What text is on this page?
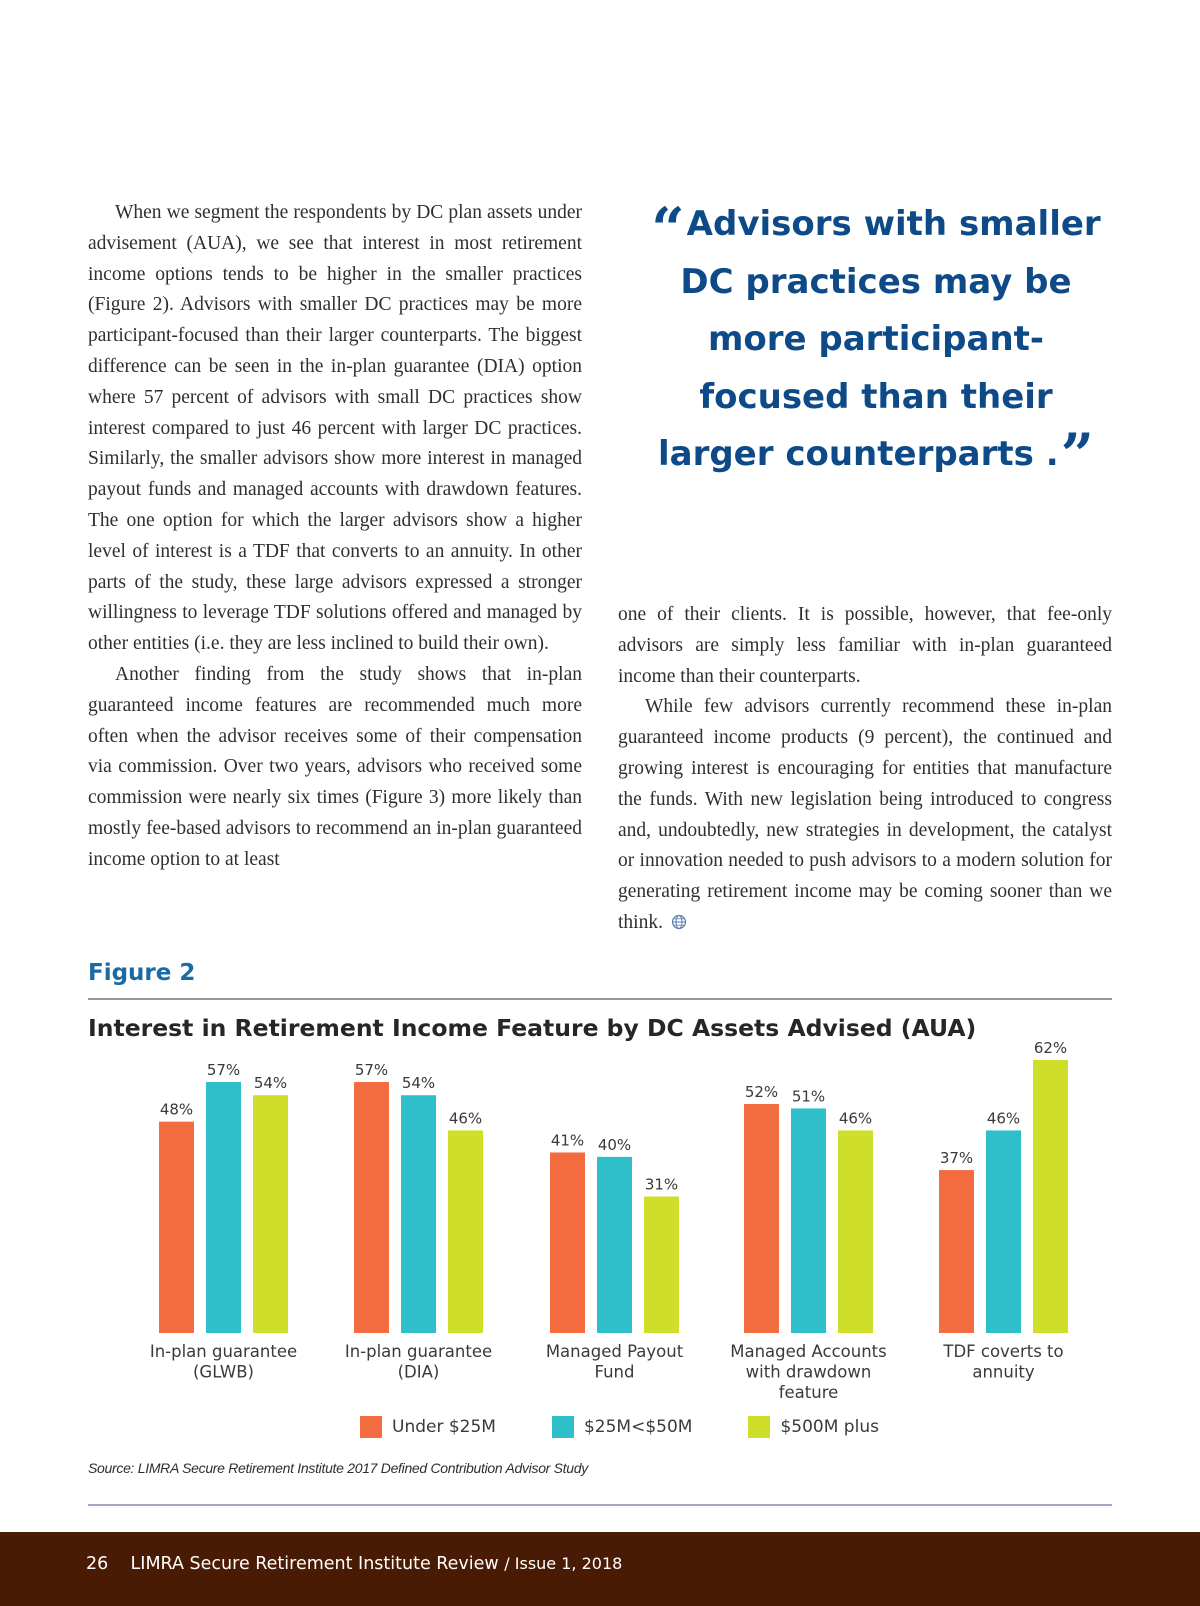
When we segment the respondents by DC plan assets under advisement (AUA), we see that interest in most retirement income options tends to be higher in the smaller practices (Figure 2). Advisors with smaller DC practices may be more participant-focused than their larger counterparts. The biggest difference can be seen in the in-plan guarantee (DIA) option where 57 percent of advisors with small DC practices show interest compared to just 46 percent with larger DC practices. Similarly, the smaller advisors show more interest in managed payout funds and managed accounts with drawdown features. The one option for which the larger advisors show a higher level of interest is a TDF that converts to an annuity. In other parts of the study, these large advisors expressed a stronger willingness to leverage TDF solutions offered and managed by other entities (i.e. they are less inclined to build their own).

Another finding from the study shows that in-plan guaranteed income features are recommended much more often when the advisor receives some of their compensation via commission. Over two years, advisors who received some commission were nearly six times (Figure 3) more likely than mostly fee-based advisors to recommend an in-plan guaranteed income option to at least

“Advisors with smaller DC practices may be more participant-focused than their larger counterparts .”

one of their clients. It is possible, however, that fee-only advisors are simply less familiar with in-plan guaranteed income than their counterparts.

While few advisors currently recommend these in-plan guaranteed income products (9 percent), the continued and growing interest is encouraging for entities that manufacture the funds. With new legislation being introduced to congress and, undoubtedly, new strategies in development, the catalyst or innovation needed to push advisors to a modern solution for generating retirement income may be coming sooner than we think.

Figure 2
Interest in Retirement Income Feature by DC Assets Advised (AUA)
48%
57%
54%
In-plan guarantee (GLWB)
57%
54%
46%
In-plan guarantee (DIA)
41% 40%
31%
Managed Payout Fund
52% 51%
46%
Managed Accounts with drawdown feature
37%
46%
62%
TDF coverts to annuity
Under $25M	$25M<$50M	$500M plus
Source: LIMRA Secure Retirement Institute 2017 Defined Contribution Advisor Study
26 LIMRA Secure Retirement Institute Review / Issue 1, 2018
